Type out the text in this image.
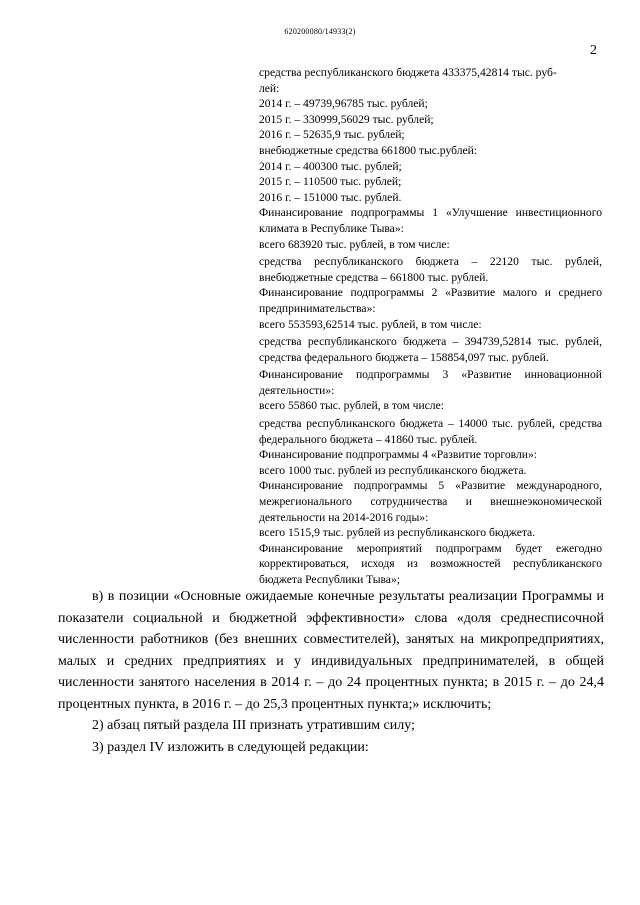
620200080/14933(2)
2

средства республиканского бюджета 433375,42814 тыс. руб-

лей:

2014 г. – 49739,96785 тыс. рублей;

2015 г. – 330999,56029 тыс. рублей;

2016 г. – 52635,9 тыс. рублей;

внебюджетные средства 661800 тыс.рублей:

2014 г. – 400300 тыс. рублей;

2015 г. – 110500 тыс. рублей;

2016 г. – 151000 тыс. рублей.

Финансирование подпрограммы 1 «Улучшение инвестиционного климата в Республике Тыва»:

всего 683920 тыс. рублей, в том числе:

средства республиканского бюджета – 22120 тыс. рублей, внебюджетные средства – 661800 тыс. рублей.

Финансирование подпрограммы 2 «Развитие малого и среднего предпринимательства»:

всего 553593,62514 тыс. рублей, в том числе:

средства республиканского бюджета – 394739,52814 тыс. рублей, средства федерального бюджета – 158854,097 тыс. рублей.

Финансирование подпрограммы 3 «Развитие инновационной деятельности»:

всего 55860 тыс. рублей, в том числе:

средства республиканского бюджета – 14000 тыс. рублей, средства федерального бюджета – 41860 тыс. рублей.

Финансирование подпрограммы 4 «Развитие торговли»:

всего 1000 тыс. рублей из республиканского бюджета.

Финансирование подпрограммы 5 «Развитие международного, межрегионального сотрудничества и внешнеэкономической деятельности на 2014-2016 годы»:

всего 1515,9 тыс. рублей из республиканского бюджета.

Финансирование мероприятий подпрограмм будет ежегодно корректироваться, исходя из возможностей республиканского бюджета Республики Тыва»;

в) в позиции «Основные ожидаемые конечные результаты реализации Программы и показатели социальной и бюджетной эффективности» слова «доля среднесписочной численности работников (без внешних совместителей), занятых на микропредприятиях, малых и средних предприятиях и у индивидуальных предпринимателей, в общей численности занятого населения в 2014 г. – до 24 процентных пункта; в 2015 г. – до 24,4 процентных пункта, в 2016 г. – до 25,3 процентных пункта;» исключить;

2) абзац пятый раздела III признать утратившим силу;

3) раздел IV изложить в следующей редакции:
